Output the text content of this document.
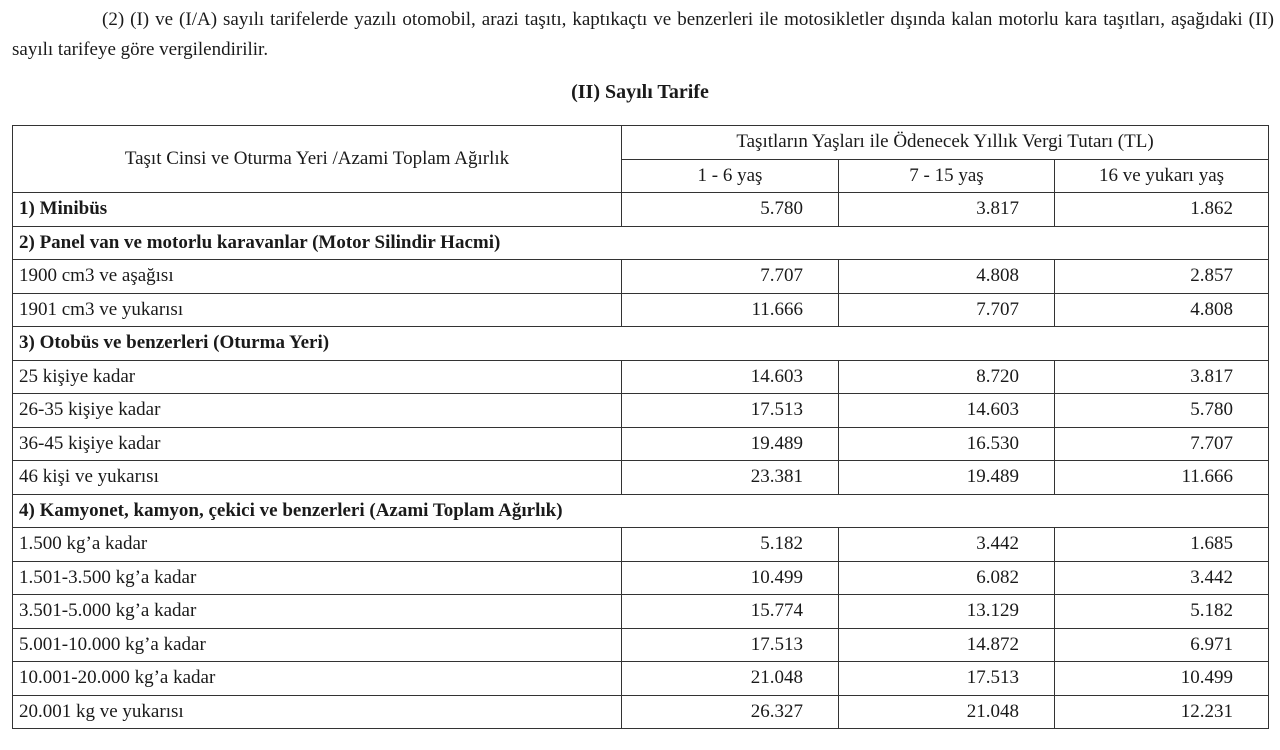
(2) (I) ve (I/A) sayılı tarifelerde yazılı otomobil, arazi taşıtı, kaptıkaçtı ve benzerleri ile motosikletler dışında kalan motorlu kara taşıtları, aşağıdaki (II) sayılı tarifeye göre vergilendirilir.

(II) Sayılı Tarife

Taşıt Cinsi ve Oturma Yeri /Azami Toplam Ağırlık	Taşıtların Yaşları ile Ödenecek Yıllık Vergi Tutarı (TL)		
	1 - 6 yaş	7 - 15 yaş	16 ve yukarı yaş
1) Minibüs	5.780	3.817	1.862
2) Panel van ve motorlu karavanlar (Motor Silindir Hacmi)			
1900 cm3 ve aşağısı	7.707	4.808	2.857
1901 cm3 ve yukarısı	11.666	7.707	4.808
3) Otobüs ve benzerleri (Oturma Yeri)			
25 kişiye kadar	14.603	8.720	3.817
26-35 kişiye kadar	17.513	14.603	5.780
36-45 kişiye kadar	19.489	16.530	7.707
46 kişi ve yukarısı	23.381	19.489	11.666
4) Kamyonet, kamyon, çekici ve benzerleri (Azami Toplam Ağırlık)			
1.500 kg’a kadar	5.182	3.442	1.685
1.501-3.500 kg’a kadar	10.499	6.082	3.442
3.501-5.000 kg’a kadar	15.774	13.129	5.182
5.001-10.000 kg’a kadar	17.513	14.872	6.971
10.001-20.000 kg’a kadar	21.048	17.513	10.499
20.001 kg ve yukarısı	26.327	21.048	12.231
